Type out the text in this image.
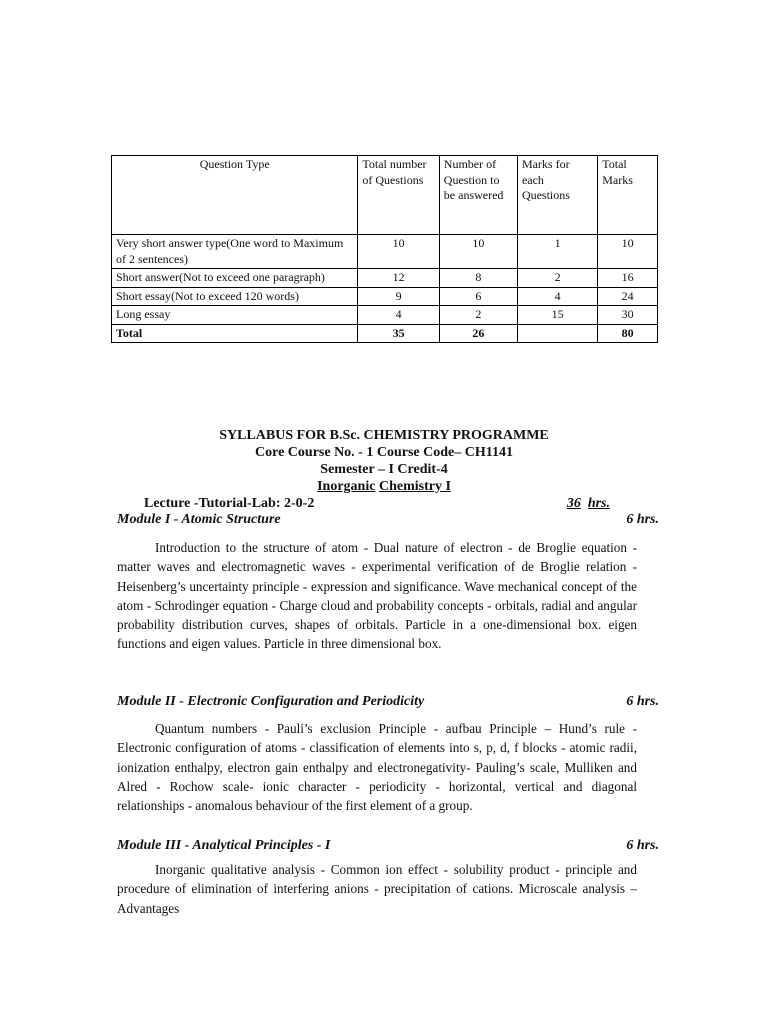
Question Type	Total number of Questions	Number of Question to be answered	Marks for each Questions	Total Marks
Very short answer type(One word to Maximum of 2 sentences)	10	10	1	10
Short answer(Not to exceed one paragraph)	12	8	2	16
Short essay(Not to exceed 120 words)	9	6	4	24
Long essay	4	2	15	30
Total	35	26		80
SYLLABUS FOR B.Sc. CHEMISTRY PROGRAMME
Core Course No. - 1 Course Code– CH1141
Semester – I Credit-4
Inorganic Chemistry I
Lecture -Tutorial-Lab: 2-0-2	36 hrs.
Module I - Atomic Structure	6 hrs.

Introduction to the structure of atom - Dual nature of electron - de Broglie equation - matter waves and electromagnetic waves - experimental verification of de Broglie relation - Heisenberg’s uncertainty principle - expression and significance. Wave mechanical concept of the atom - Schrodinger equation - Charge cloud and probability concepts - orbitals, radial and angular probability distribution curves, shapes of orbitals. Particle in a one-dimensional box. eigen functions and eigen values. Particle in three dimensional box.

Module II - Electronic Configuration and Periodicity	6 hrs.

Quantum numbers - Pauli’s exclusion Principle - aufbau Principle – Hund’s rule - Electronic configuration of atoms - classification of elements into s, p, d, f blocks - atomic radii, ionization enthalpy, electron gain enthalpy and electronegativity- Pauling’s scale, Mulliken and Alred - Rochow scale- ionic character - periodicity - horizontal, vertical and diagonal relationships - anomalous behaviour of the first element of a group.

Module III - Analytical Principles - I	6 hrs.

Inorganic qualitative analysis - Common ion effect - solubility product - principle and procedure of elimination of interfering anions - precipitation of cations. Microscale analysis – Advantages
